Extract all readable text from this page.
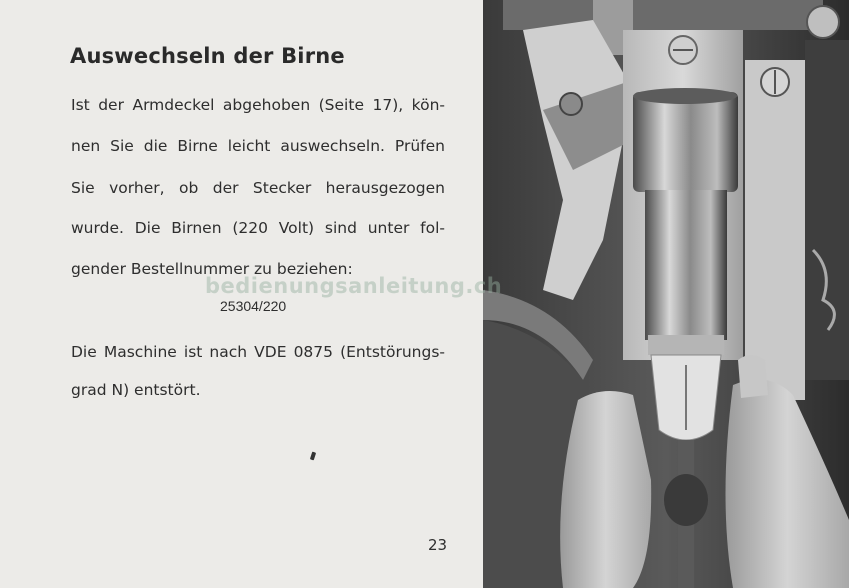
Auswechseln der Birne
Ist der Armdeckel abgehoben (Seite 17), kön-
nen Sie die Birne leicht auswechseln. Prüfen
Sie vorher, ob der Stecker herausgezogen
wurde. Die Birnen (220 Volt) sind unter fol-
gender Bestellnummer zu beziehen:
25304/220
Die Maschine ist nach VDE 0875 (Entstörungs-
grad N) entstört.
23
bedienungsanleitung.ch
